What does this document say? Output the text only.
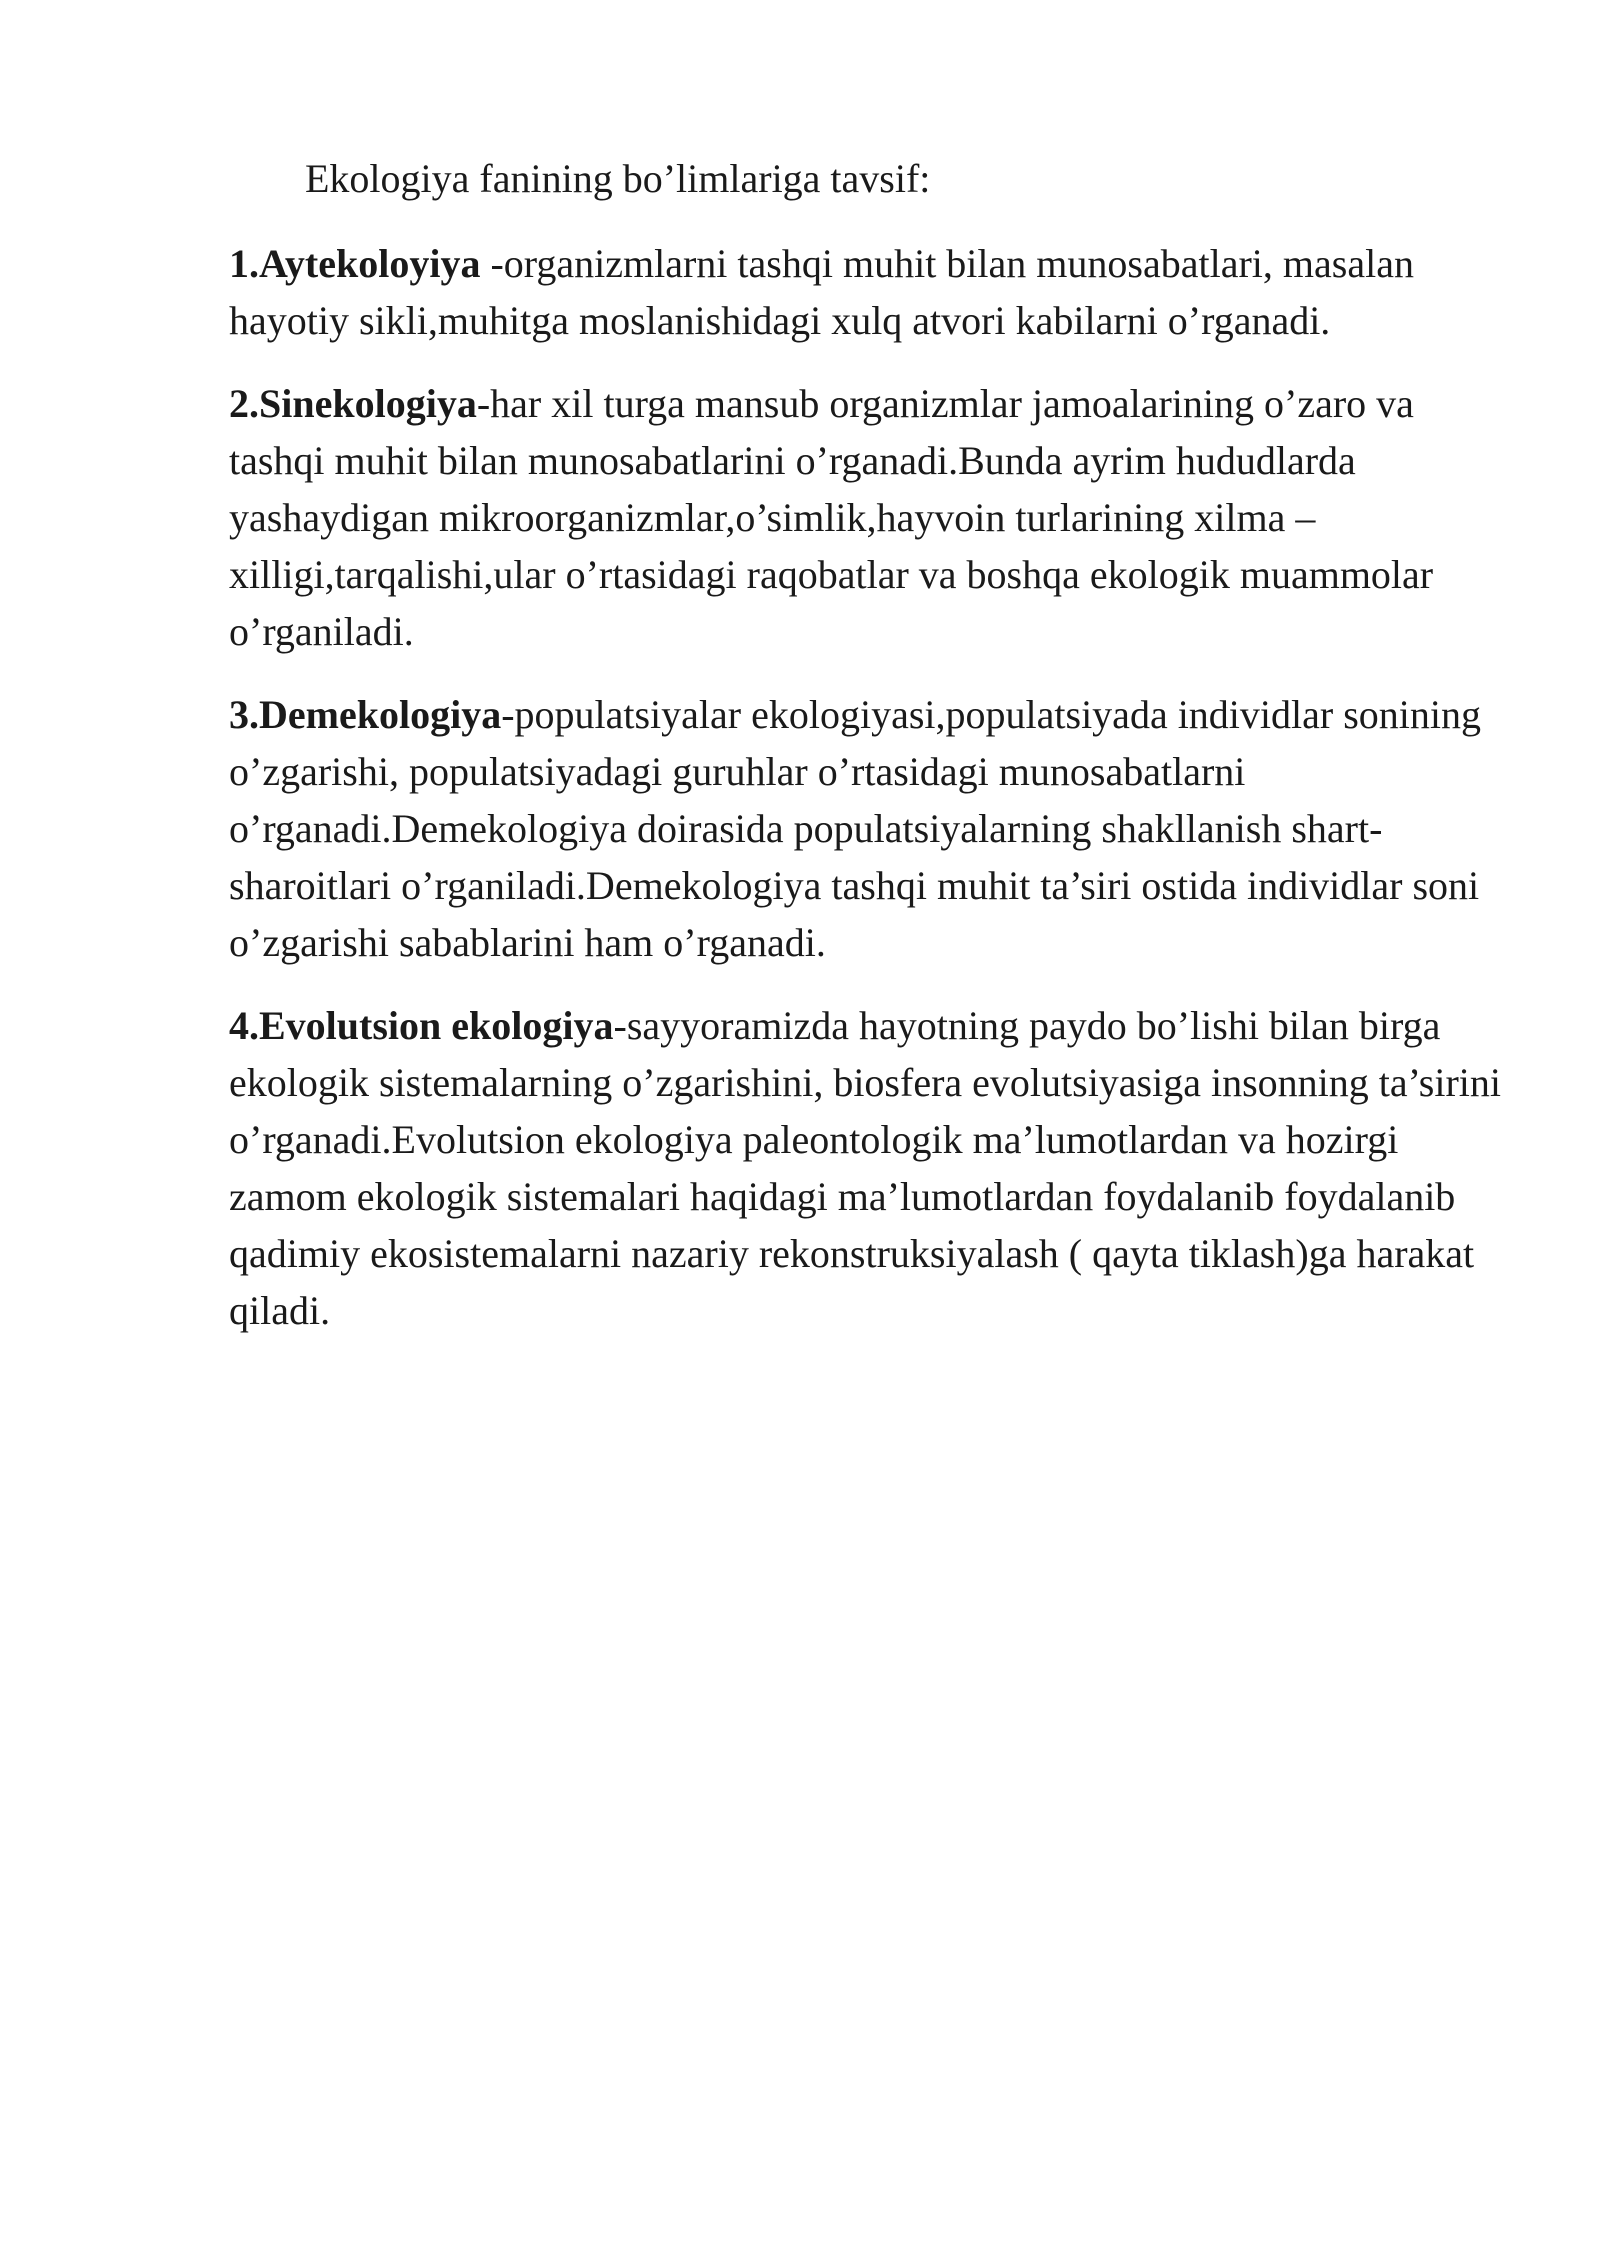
Ekologiya fanining bo’limlariga tavsif:

1.Aytekoloyiya -organizmlarni tashqi muhit bilan munosabatlari, masalan hayotiy sikli,muhitga moslanishidagi xulq atvori kabilarni o’rganadi.

2.Sinekologiya-har xil turga mansub organizmlar jamoalarining o’zaro va tashqi muhit bilan munosabatlarini o’rganadi.Bunda ayrim hududlarda yashaydigan mikroorganizmlar,o’simlik,hayvoin turlarining xilma –xilligi,tarqalishi,ular o’rtasidagi raqobatlar va boshqa ekologik muammolar o’rganiladi.

3.Demekologiya-populatsiyalar ekologiyasi,populatsiyada individlar sonining o’zgarishi, populatsiyadagi guruhlar o’rtasidagi munosabatlarni o’rganadi.Demekologiya doirasida populatsiyalarning shakllanish shart-sharoitlari o’rganiladi.Demekologiya tashqi muhit ta’siri ostida individlar soni o’zgarishi sabablarini ham o’rganadi.

4.Evolutsion ekologiya-sayyoramizda hayotning paydo bo’lishi bilan birga ekologik sistemalarning o’zgarishini, biosfera evolutsiyasiga insonning ta’sirini o’rganadi.Evolutsion ekologiya paleontologik ma’lumotlardan va hozirgi zamom ekologik sistemalari haqidagi ma’lumotlardan foydalanib foydalanib qadimiy ekosistemalarni nazariy rekonstruksiyalash ( qayta tiklash)ga harakat qiladi.
